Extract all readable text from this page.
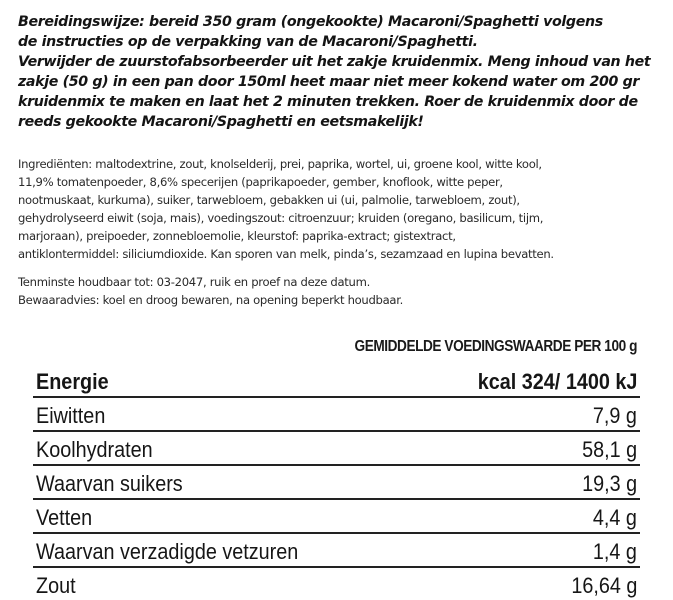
Bereidingswijze: bereid 350 gram (ongekookte) Macaroni/Spaghetti volgens
de instructies op de verpakking van de Macaroni/Spaghetti.
Verwijder de zuurstofabsorbeerder uit het zakje kruidenmix. Meng inhoud van het
zakje (50 g) in een pan door 150ml heet maar niet meer kokend water om 200 gr
kruidenmix te maken en laat het 2 minuten trekken. Roer de kruidenmix door de
reeds gekookte Macaroni/Spaghetti en eetsmakelijk!
Ingrediënten: maltodextrine, zout, knolselderij, prei, paprika, wortel, ui, groene kool, witte kool,
11,9% tomatenpoeder, 8,6% specerijen (paprikapoeder, gember, knoflook, witte peper,
nootmuskaat, kurkuma), suiker, tarwebloem, gebakken ui (ui, palmolie, tarwebloem, zout),
gehydrolyseerd eiwit (soja, mais), voedingszout: citroenzuur; kruiden (oregano, basilicum, tijm,
marjoraan), preipoeder, zonnebloemolie, kleurstof: paprika-extract; gistextract,
antiklontermiddel: siliciumdioxide. Kan sporen van melk, pinda’s, sezamzaad en lupina bevatten.
Tenminste houdbaar tot: 03-2047, ruik en proef na deze datum.
Bewaaradvies: koel en droog bewaren, na opening beperkt houdbaar.
GEMIDDELDE VOEDINGSWAARDE PER 100 g
Energie	kcal 324/ 1400 kJ
Eiwitten	7,9 g
Koolhydraten	58,1 g
Waarvan suikers	19,3 g
Vetten	4,4 g
Waarvan verzadigde vetzuren	1,4 g
Zout	16,64 g
